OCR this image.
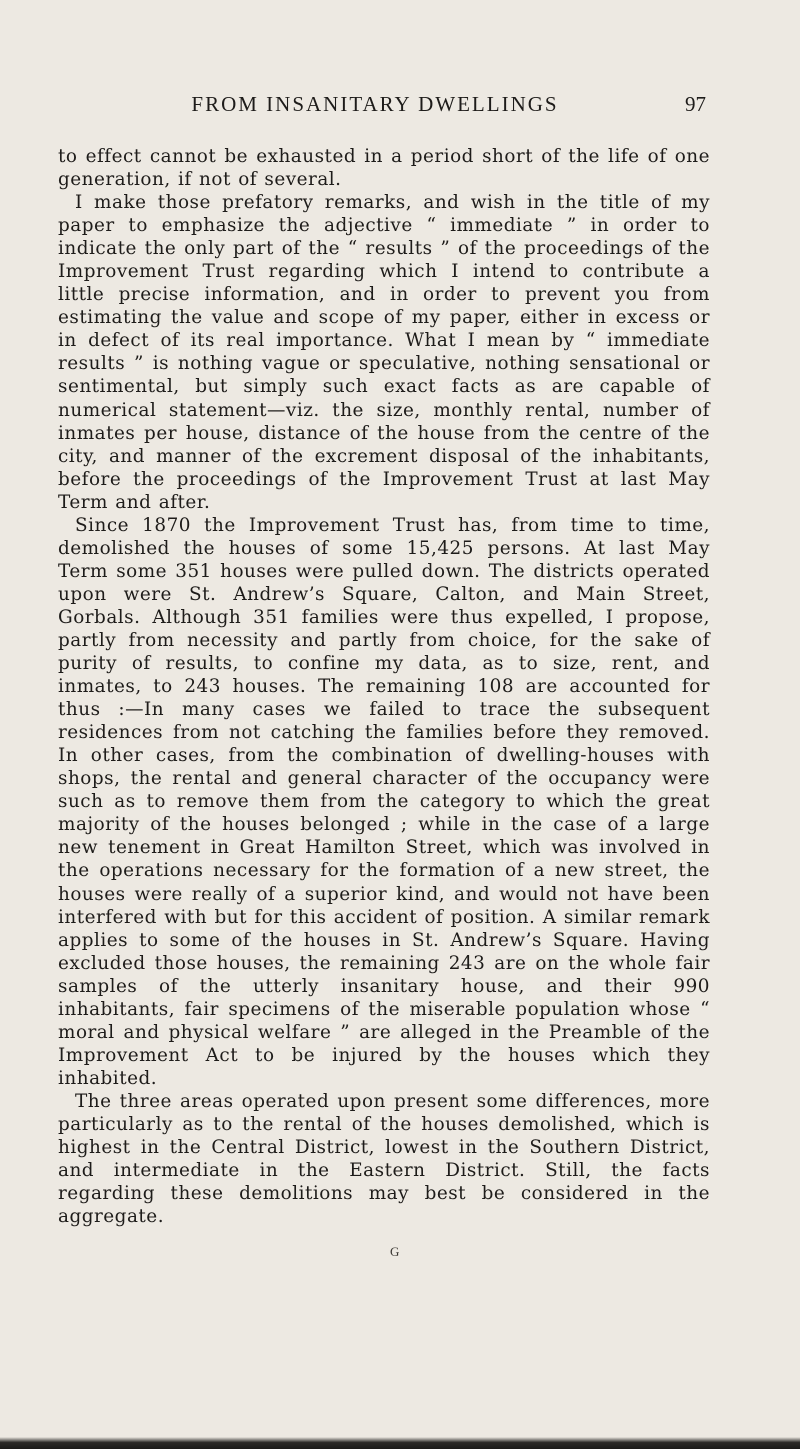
FROM INSANITARY DWELLINGS	97

to effect cannot be exhausted in a period short of the life of one generation, if not of several.

I make those prefatory remarks, and wish in the title of my paper to emphasize the adjective “ immediate ” in order to indicate the only part of the “ results ” of the proceedings of the Improvement Trust regarding which I intend to contribute a little precise information, and in order to prevent you from estimating the value and scope of my paper, either in excess or in defect of its real importance. What I mean by “ immediate results ” is nothing vague or speculative, nothing sensational or sentimental, but simply such exact facts as are capable of numerical statement—viz. the size, monthly rental, number of inmates per house, distance of the house from the centre of the city, and manner of the excrement disposal of the inhabitants, before the proceedings of the Improvement Trust at last May Term and after.

Since 1870 the Improvement Trust has, from time to time, demolished the houses of some 15,425 persons. At last May Term some 351 houses were pulled down. The districts operated upon were St. Andrew’s Square, Calton, and Main Street, Gorbals. Although 351 families were thus expelled, I propose, partly from necessity and partly from choice, for the sake of purity of results, to confine my data, as to size, rent, and inmates, to 243 houses. The remaining 108 are accounted for thus :—In many cases we failed to trace the subsequent residences from not catching the families before they removed. In other cases, from the combination of dwelling-houses with shops, the rental and general character of the occupancy were such as to remove them from the category to which the great majority of the houses belonged ; while in the case of a large new tenement in Great Hamilton Street, which was involved in the operations necessary for the formation of a new street, the houses were really of a superior kind, and would not have been interfered with but for this accident of position. A similar remark applies to some of the houses in St. Andrew’s Square. Having excluded those houses, the remaining 243 are on the whole fair samples of the utterly insanitary house, and their 990 inhabitants, fair specimens of the miserable population whose “ moral and physical welfare ” are alleged in the Preamble of the Improvement Act to be injured by the houses which they inhabited.

The three areas operated upon present some differences, more particularly as to the rental of the houses demolished, which is highest in the Central District, lowest in the Southern District, and intermediate in the Eastern District. Still, the facts regarding these demolitions may best be considered in the aggregate.

G
